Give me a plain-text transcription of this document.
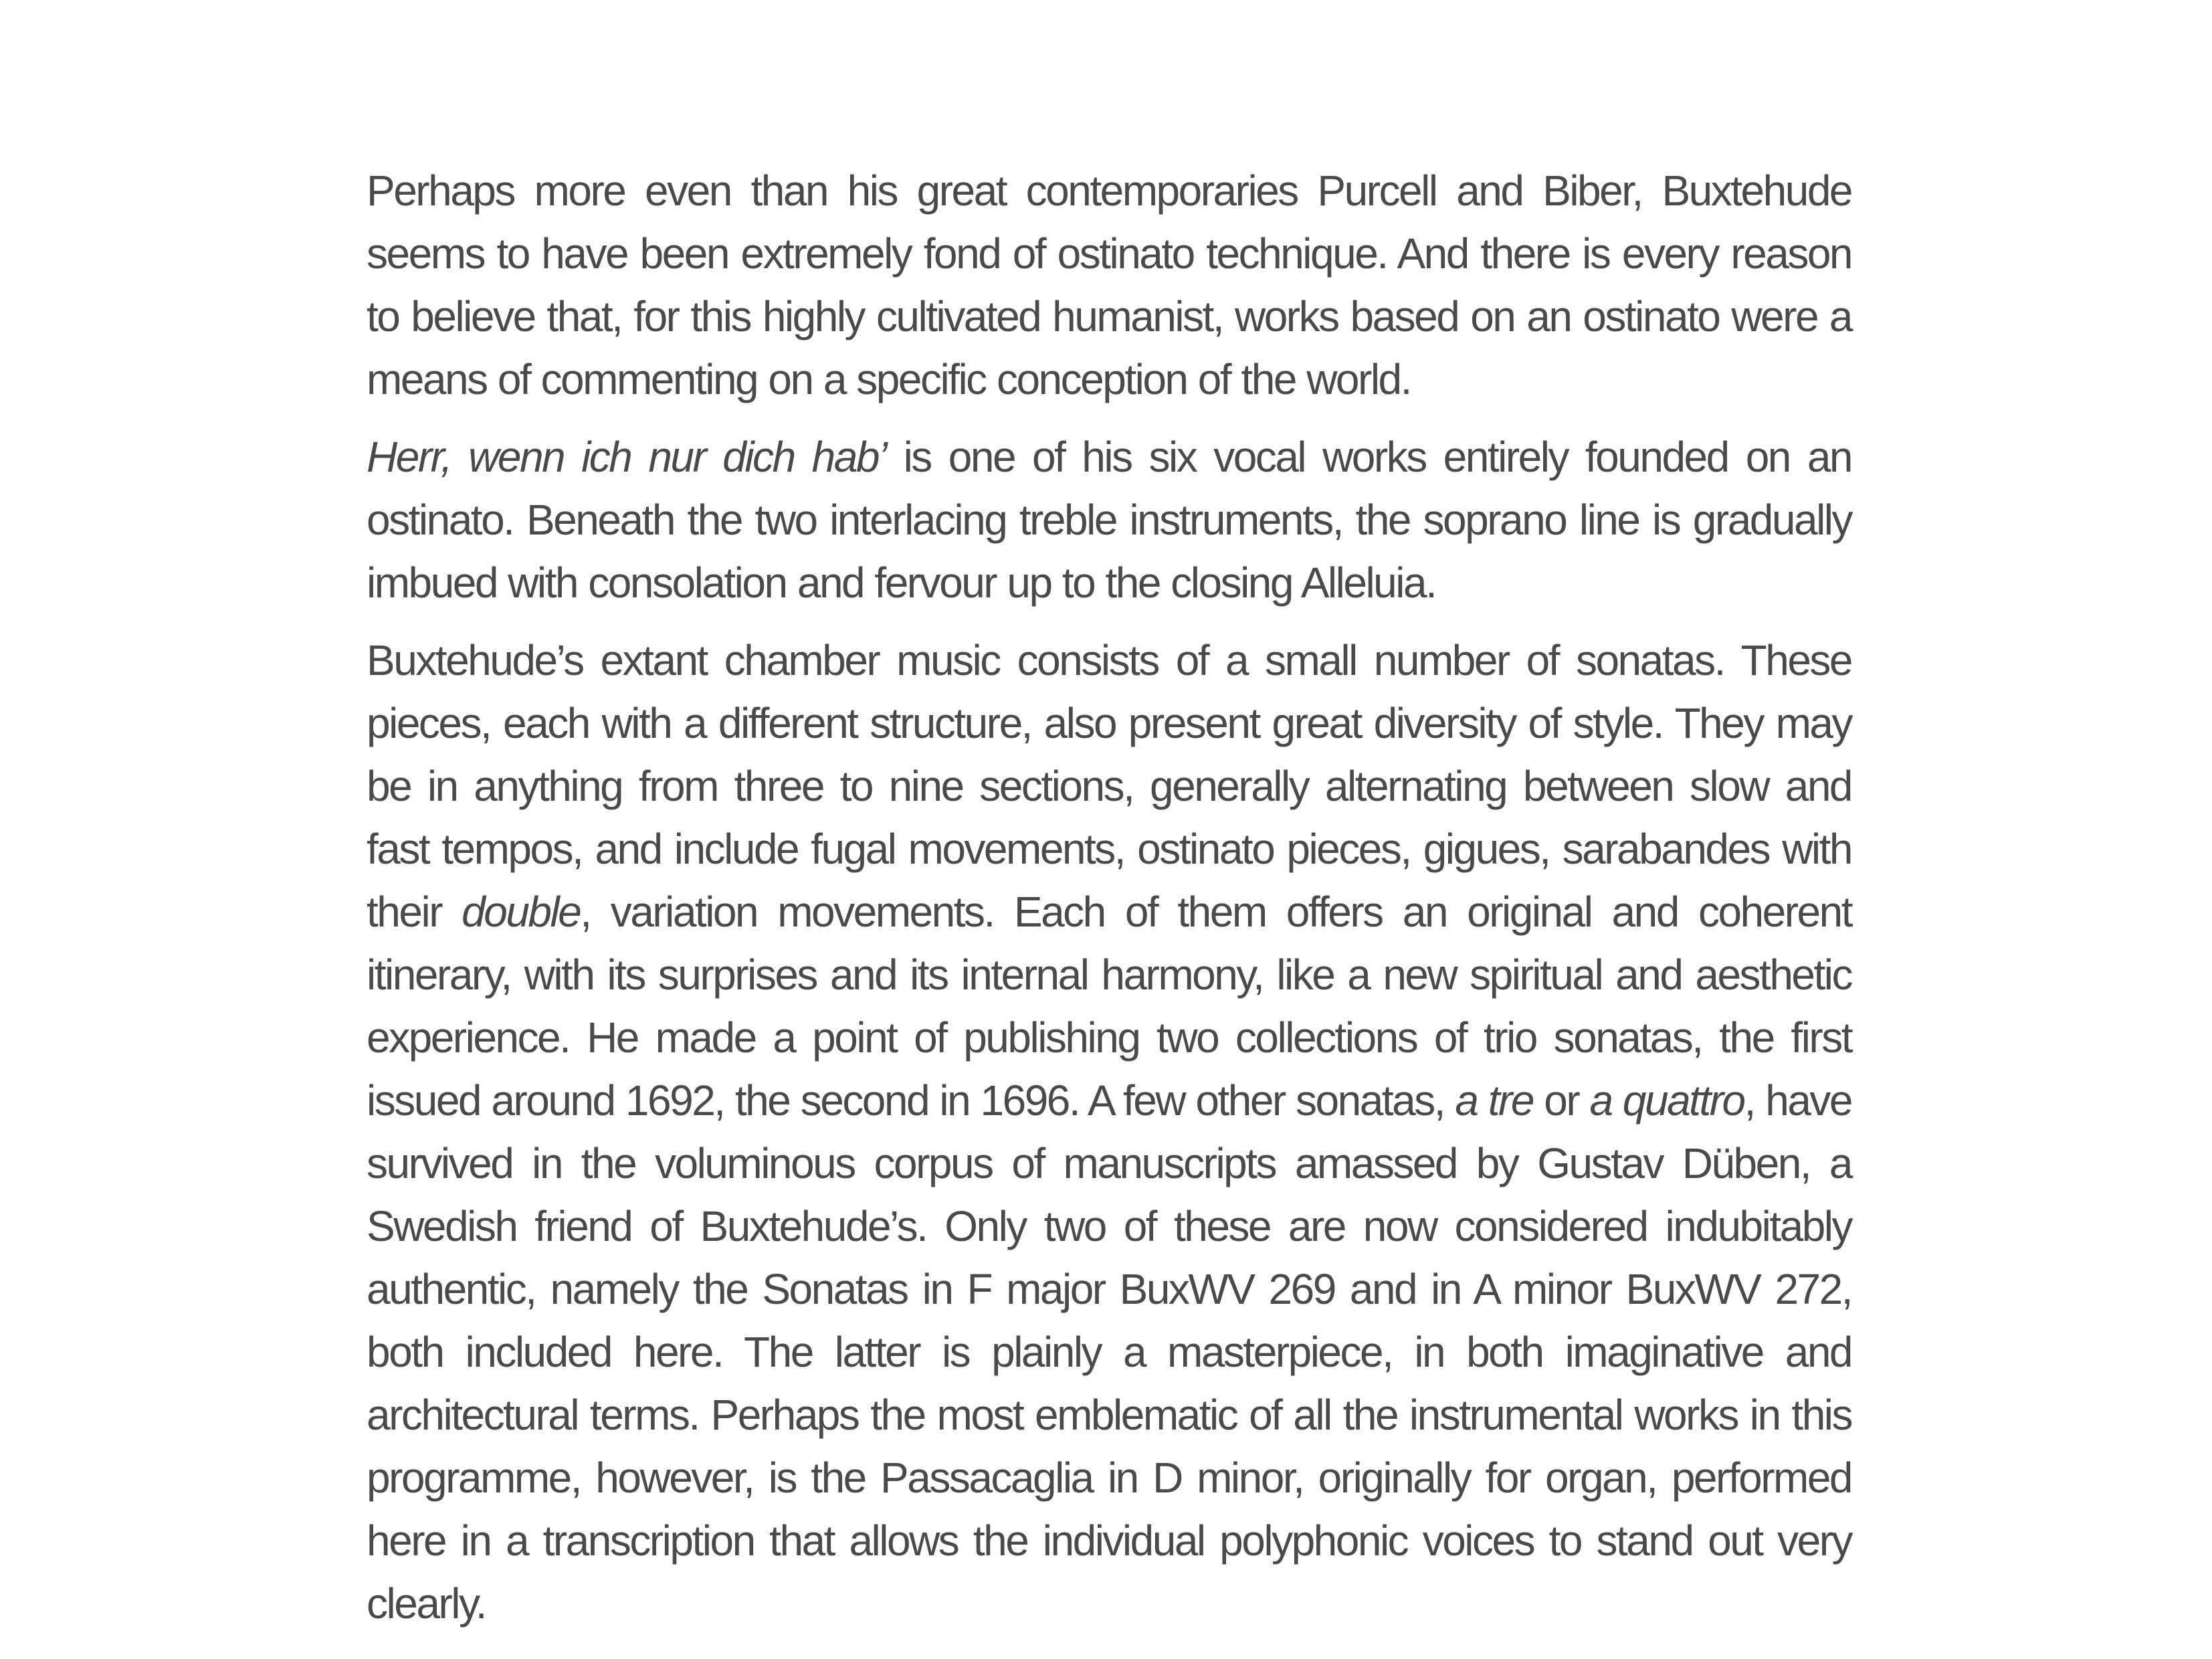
Perhaps more even than his great contemporaries Purcell and Biber, Buxtehude seems to have been extremely fond of ostinato technique. And there is every reason to believe that, for this highly cultivated humanist, works based on an ostinato were a means of commenting on a specific conception of the world.

Herr, wenn ich nur dich hab’ is one of his six vocal works entirely founded on an ostinato. Beneath the two interlacing treble instruments, the soprano line is gradually imbued with consolation and fervour up to the closing Alleluia.

Buxtehude’s extant chamber music consists of a small number of sonatas. These pieces, each with a different structure, also present great diversity of style. They may be in anything from three to nine sections, generally alternating between slow and fast tempos, and include fugal movements, ostinato pieces, gigues, sarabandes with their double, variation movements. Each of them offers an original and coherent itinerary, with its surprises and its internal harmony, like a new spiritual and aesthetic experience. He made a point of publishing two collections of trio sonatas, the first issued around 1692, the second in 1696. A few other sonatas, a tre or a quattro, have survived in the voluminous corpus of manuscripts amassed by Gustav Düben, a Swedish friend of Buxtehude’s. Only two of these are now considered indubitably authentic, namely the Sonatas in F major BuxWV 269 and in A minor BuxWV 272, both included here. The latter is plainly a masterpiece, in both imaginative and architectural terms. Perhaps the most emblematic of all the instrumental works in this programme, however, is the Passacaglia in D minor, originally for organ, performed here in a transcription that allows the individual polyphonic voices to stand out very clearly.
